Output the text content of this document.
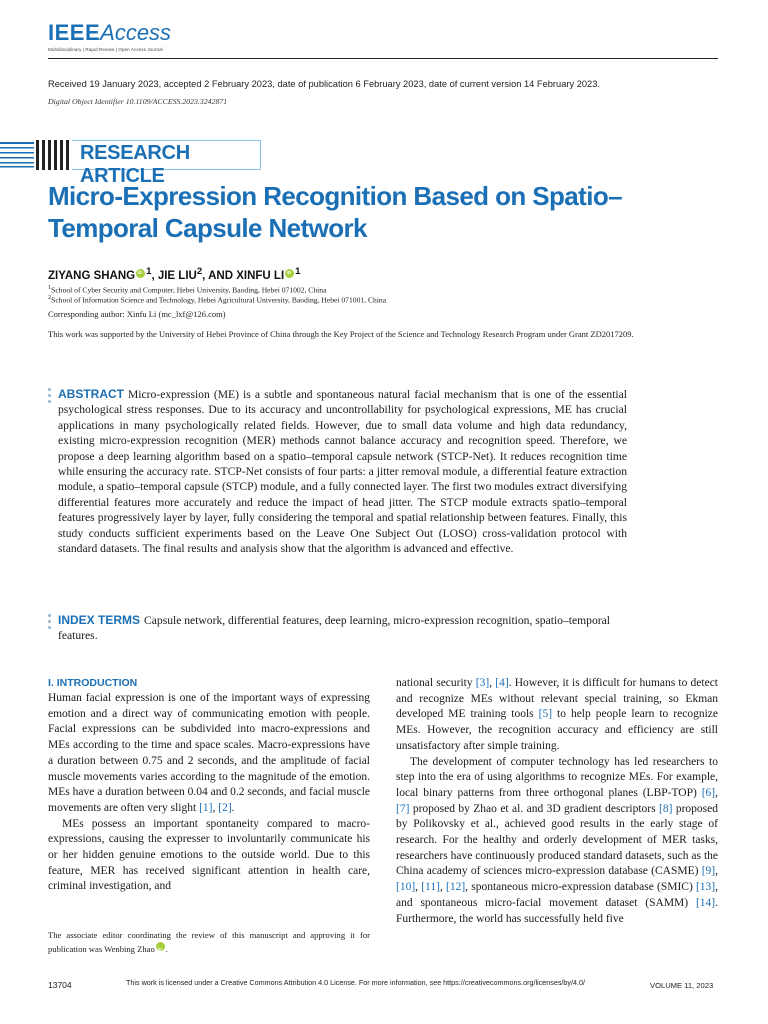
IEEEAccess
Multidisciplinary | Rapid Review | Open Access Journal
Received 19 January 2023, accepted 2 February 2023, date of publication 6 February 2023, date of current version 14 February 2023.
Digital Object Identifier 10.1109/ACCESS.2023.3242871
RESEARCH ARTICLE
Micro-Expression Recognition Based on Spatio–Temporal Capsule Network
ZIYANG SHANG iD $^1$, JIE LIU$^2$, AND XINFU LI iD $^1$
$^1$School of Cyber Security and Computer, Hebei University, Baoding, Hebei 071002, China
$^2$School of Information Science and Technology, Hebei Agricultural University, Baoding, Hebei 071001, China
Corresponding author: Xinfu Li (mc_lxf@126.com)
This work was supported by the University of Hebei Province of China through the Key Project of the Science and Technology Research Program under Grant ZD2017209.
ABSTRACT Micro-expression (ME) is a subtle and spontaneous natural facial mechanism that is one of the essential psychological stress responses. Due to its accuracy and uncontrollability for psychological expressions, ME has crucial applications in many psychologically related fields. However, due to small data volume and high data redundancy, existing micro-expression recognition (MER) methods cannot balance accuracy and recognition speed. Therefore, we propose a deep learning algorithm based on a spatio–temporal capsule network (STCP-Net). It reduces recognition time while ensuring the accuracy rate. STCP-Net consists of four parts: a jitter removal module, a differential feature extraction module, a spatio–temporal capsule (STCP) module, and a fully connected layer. The first two modules extract diversifying differential features more accurately and reduce the impact of head jitter. The STCP module extracts spatio–temporal features progressively layer by layer, fully considering the temporal and spatial relationship between features. Finally, this study conducts sufficient experiments based on the Leave One Subject Out (LOSO) cross-validation protocol with standard datasets. The final results and analysis show that the algorithm is advanced and effective.
INDEX TERMS Capsule network, differential features, deep learning, micro-expression recognition, spatio–temporal features.
I. INTRODUCTION

Human facial expression is one of the important ways of expressing emotion and a direct way of communicating emotion with people. Facial expressions can be subdivided into macro-expressions and MEs according to the time and space scales. Macro-expressions have a duration between 0.75 and 2 seconds, and the amplitude of facial muscle movements varies according to the magnitude of the emotion. MEs have a duration between 0.04 and 0.2 seconds, and facial muscle movements are often very slight [1], [2].

MEs possess an important spontaneity compared to macro-expressions, causing the expresser to involuntarily communicate his or her hidden genuine emotions to the outside world. Due to this feature, MER has received significant attention in health care, criminal investigation, and

The associate editor coordinating the review of this manuscript and approving it for publication was Wenbing Zhao iD .

national security [3], [4]. However, it is difficult for humans to detect and recognize MEs without relevant special training, so Ekman developed ME training tools [5] to help people learn to recognize MEs. However, the recognition accuracy and efficiency are still unsatisfactory after simple training.

The development of computer technology has led researchers to step into the era of using algorithms to recognize MEs. For example, local binary patterns from three orthogonal planes (LBP-TOP) [6], [7] proposed by Zhao et al. and 3D gradient descriptors [8] proposed by Polikovsky et al., achieved good results in the early stage of research. For the healthy and orderly development of MER tasks, researchers have continuously produced standard datasets, such as the China academy of sciences micro-expression database (CASME) [9], [10], [11], [12], spontaneous micro-expression database (SMIC) [13], and spontaneous micro-facial movement dataset (SAMM) [14]. Furthermore, the world has successfully held five

13704	This work is licensed under a Creative Commons Attribution 4.0 License. For more information, see https://creativecommons.org/licenses/by/4.0/	VOLUME 11, 2023
